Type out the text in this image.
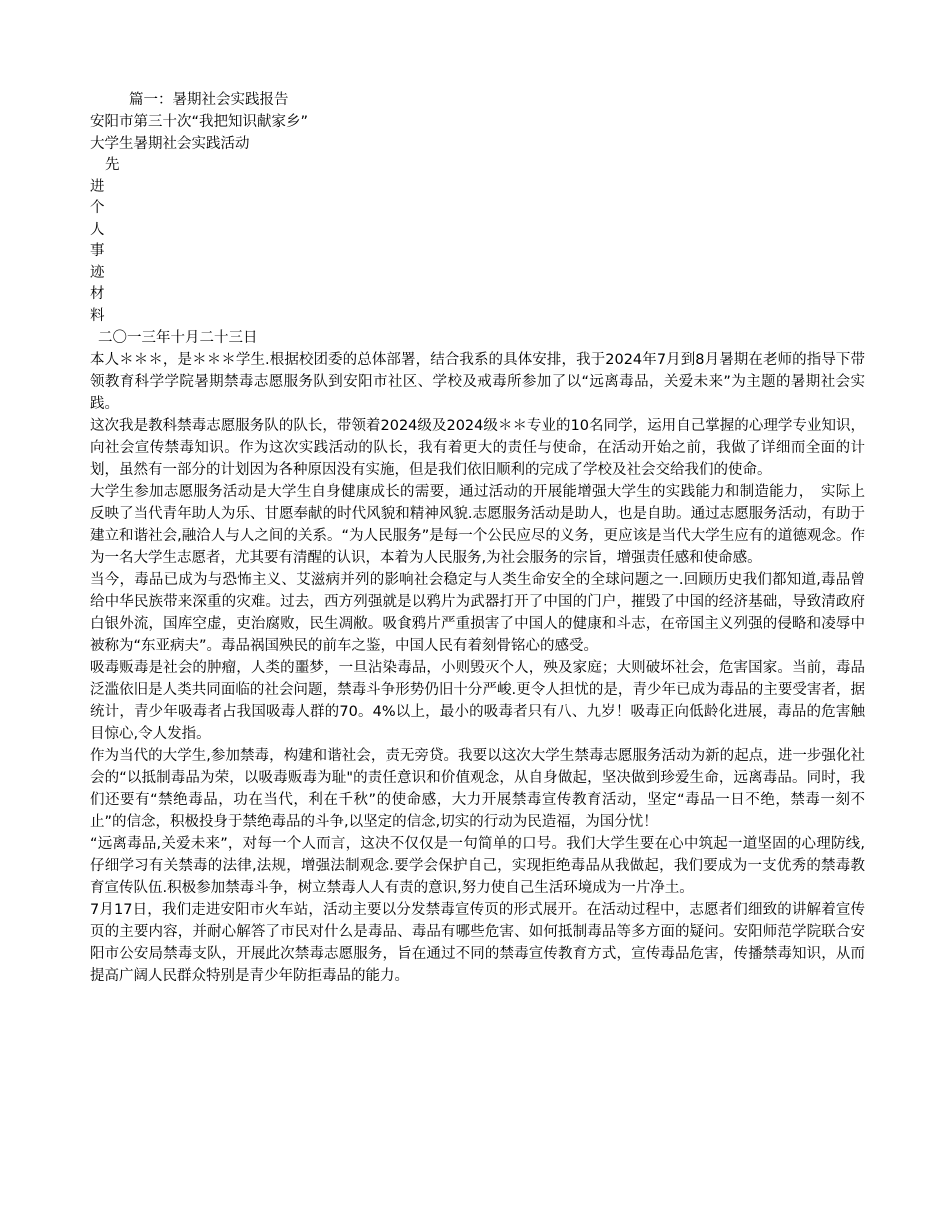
篇一：暑期社会实践报告
安阳市第三十次“我把知识献家乡”
大学生暑期社会实践活动
先
进
个
人
事
迹
材
料
二〇一三年十月二十三日

本人＊＊＊，是＊＊＊学生.根据校团委的总体部署，结合我系的具体安排，我于2024年7月到8月暑期在老师的指导下带领教育科学学院暑期禁毒志愿服务队到安阳市社区、学校及戒毒所参加了以“远离毒品，关爱未来”为主题的暑期社会实践。

这次我是教科禁毒志愿服务队的队长，带领着2024级及2024级＊＊专业的10名同学，运用自己掌握的心理学专业知识，向社会宣传禁毒知识。作为这次实践活动的队长，我有着更大的责任与使命，在活动开始之前，我做了详细而全面的计划，虽然有一部分的计划因为各种原因没有实施，但是我们依旧顺利的完成了学校及社会交给我们的使命。

大学生参加志愿服务活动是大学生自身健康成长的需要，通过活动的开展能增强大学生的实践能力和制造能力，　实际上反映了当代青年助人为乐、甘愿奉献的时代风貌和精神风貌.志愿服务活动是助人，也是自助。通过志愿服务活动，有助于建立和谐社会,融洽人与人之间的关系。“为人民服务”是每一个公民应尽的义务，更应该是当代大学生应有的道德观念。作为一名大学生志愿者，尤其要有清醒的认识，本着为人民服务,为社会服务的宗旨，增强责任感和使命感。

当今，毒品已成为与恐怖主义、艾滋病并列的影响社会稳定与人类生命安全的全球问题之一.回顾历史我们都知道,毒品曾给中华民族带来深重的灾难。过去，西方列强就是以鸦片为武器打开了中国的门户，摧毁了中国的经济基础，导致清政府白银外流，国库空虚，吏治腐败，民生凋敝。吸食鸦片严重损害了中国人的健康和斗志，在帝国主义列强的侵略和凌辱中被称为“东亚病夫”。毒品祸国殃民的前车之鉴，中国人民有着刻骨铭心的感受。

吸毒贩毒是社会的肿瘤，人类的噩梦，一旦沾染毒品，小则毁灭个人，殃及家庭；大则破坏社会，危害国家。当前，毒品泛滥依旧是人类共同面临的社会问题，禁毒斗争形势仍旧十分严峻.更令人担忧的是，青少年已成为毒品的主要受害者，据统计，青少年吸毒者占我国吸毒人群的70。4%以上，最小的吸毒者只有八、九岁！吸毒正向低龄化进展，毒品的危害触目惊心,令人发指。

作为当代的大学生,参加禁毒，构建和谐社会，责无旁贷。我要以这次大学生禁毒志愿服务活动为新的起点，进一步强化社会的“以抵制毒品为荣，以吸毒贩毒为耻"的责任意识和价值观念，从自身做起，坚决做到珍爱生命，远离毒品。同时，我们还要有“禁绝毒品，功在当代，利在千秋”的使命感，大力开展禁毒宣传教育活动，坚定“毒品一日不绝，禁毒一刻不止”的信念，积极投身于禁绝毒品的斗争,以坚定的信念,切实的行动为民造福，为国分忧！

“远离毒品,关爱未来”，对每一个人而言，这决不仅仅是一句简单的口号。我们大学生要在心中筑起一道坚固的心理防线,仔细学习有关禁毒的法律,法规，增强法制观念.要学会保护自己，实现拒绝毒品从我做起，我们要成为一支优秀的禁毒教育宣传队伍.积极参加禁毒斗争，树立禁毒人人有责的意识,努力使自己生活环境成为一片净土。

7月17日，我们走进安阳市火车站，活动主要以分发禁毒宣传页的形式展开。在活动过程中，志愿者们细致的讲解着宣传页的主要内容，并耐心解答了市民对什么是毒品、毒品有哪些危害、如何抵制毒品等多方面的疑问。安阳师范学院联合安阳市公安局禁毒支队，开展此次禁毒志愿服务，旨在通过不同的禁毒宣传教育方式，宣传毒品危害，传播禁毒知识，从而提高广阔人民群众特别是青少年防拒毒品的能力。
